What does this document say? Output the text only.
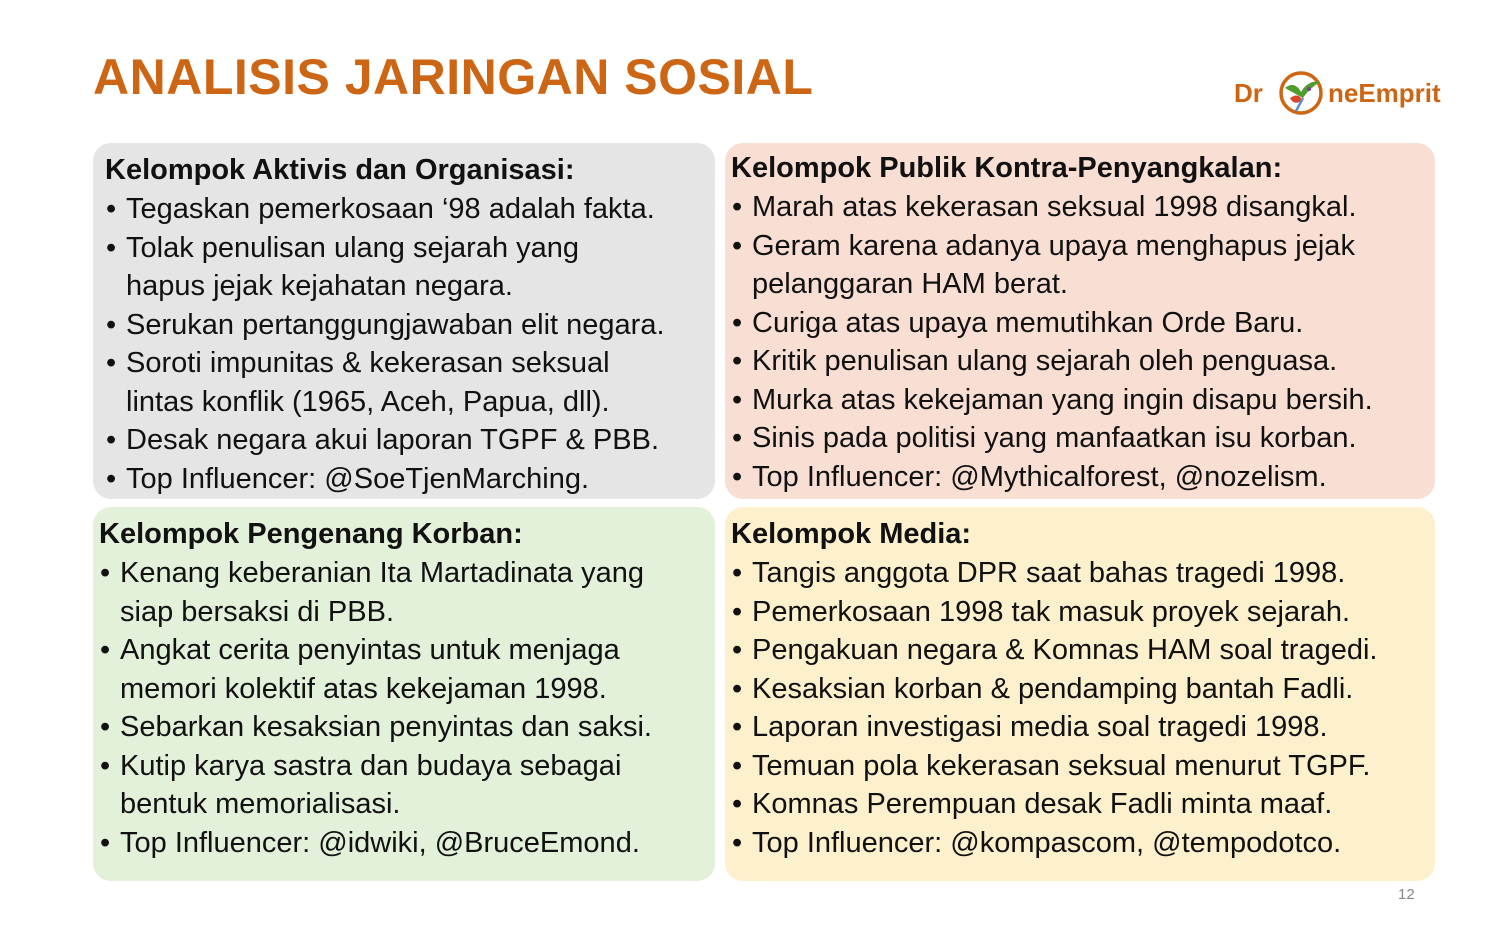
ANALISIS JARINGAN SOSIAL	Dr	neEmprit

Kelompok Aktivis dan Organisasi:

• Tegaskan pemerkosaan ‘98 adalah fakta.
• Tolak penulisan ulang sejarah yang
hapus jejak kejahatan negara.
• Serukan pertanggungjawaban elit negara.
• Soroti impunitas & kekerasan seksual
lintas konflik (1965, Aceh, Papua, dll).
• Desak negara akui laporan TGPF & PBB.
• Top Influencer: @SoeTjenMarching.

Kelompok Publik Kontra-Penyangkalan:

• Marah atas kekerasan seksual 1998 disangkal.
• Geram karena adanya upaya menghapus jejak
pelanggaran HAM berat.
• Curiga atas upaya memutihkan Orde Baru.
• Kritik penulisan ulang sejarah oleh penguasa.
• Murka atas kekejaman yang ingin disapu bersih.
• Sinis pada politisi yang manfaatkan isu korban.
• Top Influencer: @Mythicalforest, @nozelism.

Kelompok Pengenang Korban:

• Kenang keberanian Ita Martadinata yang
siap bersaksi di PBB.
• Angkat cerita penyintas untuk menjaga
memori kolektif atas kekejaman 1998.
• Sebarkan kesaksian penyintas dan saksi.
• Kutip karya sastra dan budaya sebagai
bentuk memorialisasi.
• Top Influencer: @idwiki, @BruceEmond.

Kelompok Media:

• Tangis anggota DPR saat bahas tragedi 1998.
• Pemerkosaan 1998 tak masuk proyek sejarah.
• Pengakuan negara & Komnas HAM soal tragedi.
• Kesaksian korban & pendamping bantah Fadli.
• Laporan investigasi media soal tragedi 1998.
• Temuan pola kekerasan seksual menurut TGPF.
• Komnas Perempuan desak Fadli minta maaf.
• Top Influencer: @kompascom, @tempodotco.
12
